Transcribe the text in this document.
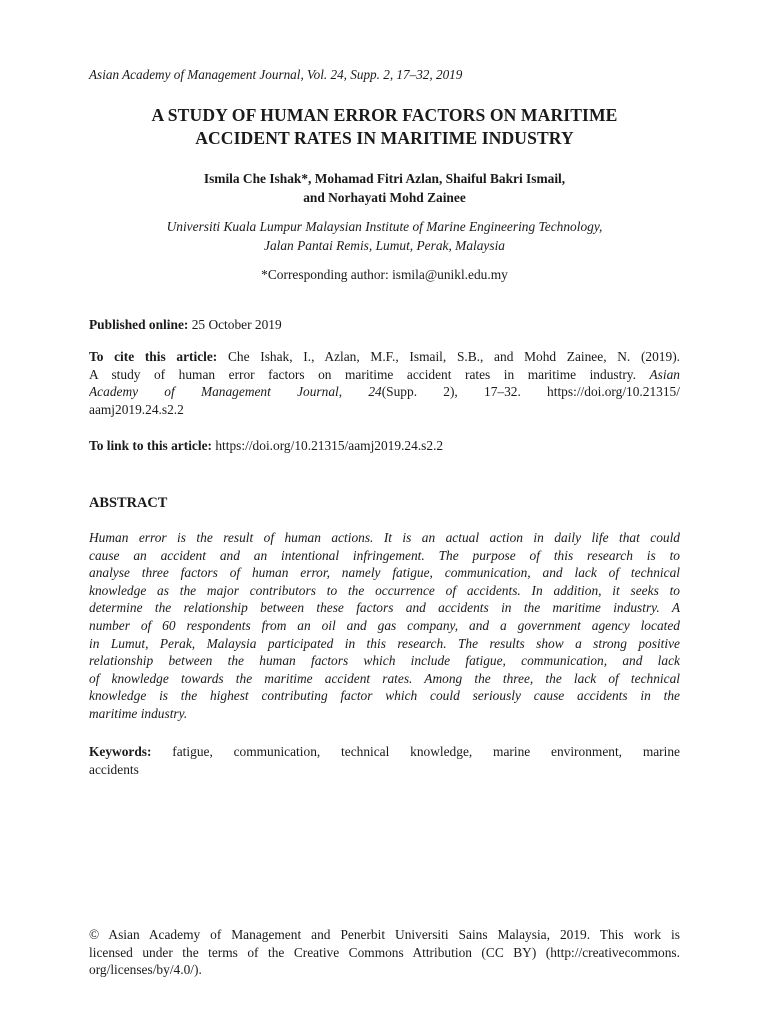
Asian Academy of Management Journal, Vol. 24, Supp. 2, 17–32, 2019
A STUDY OF HUMAN ERROR FACTORS ON MARITIME
ACCIDENT RATES IN MARITIME INDUSTRY
Ismila Che Ishak*, Mohamad Fitri Azlan, Shaiful Bakri Ismail,
and Norhayati Mohd Zainee
Universiti Kuala Lumpur Malaysian Institute of Marine Engineering Technology,
Jalan Pantai Remis, Lumut, Perak, Malaysia
*Corresponding author: ismila@unikl.edu.my
Published online: 25 October 2019
To cite this article: Che Ishak, I., Azlan, M.F., Ismail, S.B., and Mohd Zainee, N. (2019).
A study of human error factors on maritime accident rates in maritime industry. Asian
Academy of Management Journal, 24(Supp. 2), 17–32. https://doi.org/10.21315/
aamj2019.24.s2.2
To link to this article: https://doi.org/10.21315/aamj2019.24.s2.2
ABSTRACT
Human error is the result of human actions. It is an actual action in daily life that could
cause an accident and an intentional infringement. The purpose of this research is to
analyse three factors of human error, namely fatigue, communication, and lack of technical
knowledge as the major contributors to the occurrence of accidents. In addition, it seeks to
determine the relationship between these factors and accidents in the maritime industry. A
number of 60 respondents from an oil and gas company, and a government agency located
in Lumut, Perak, Malaysia participated in this research. The results show a strong positive
relationship between the human factors which include fatigue, communication, and lack
of knowledge towards the maritime accident rates. Among the three, the lack of technical
knowledge is the highest contributing factor which could seriously cause accidents in the
maritime industry.
Keywords: fatigue, communication, technical knowledge, marine environment, marine
accidents
© Asian Academy of Management and Penerbit Universiti Sains Malaysia, 2019. This work is
licensed under the terms of the Creative Commons Attribution (CC BY) (http://creativecommons.
org/licenses/by/4.0/).
